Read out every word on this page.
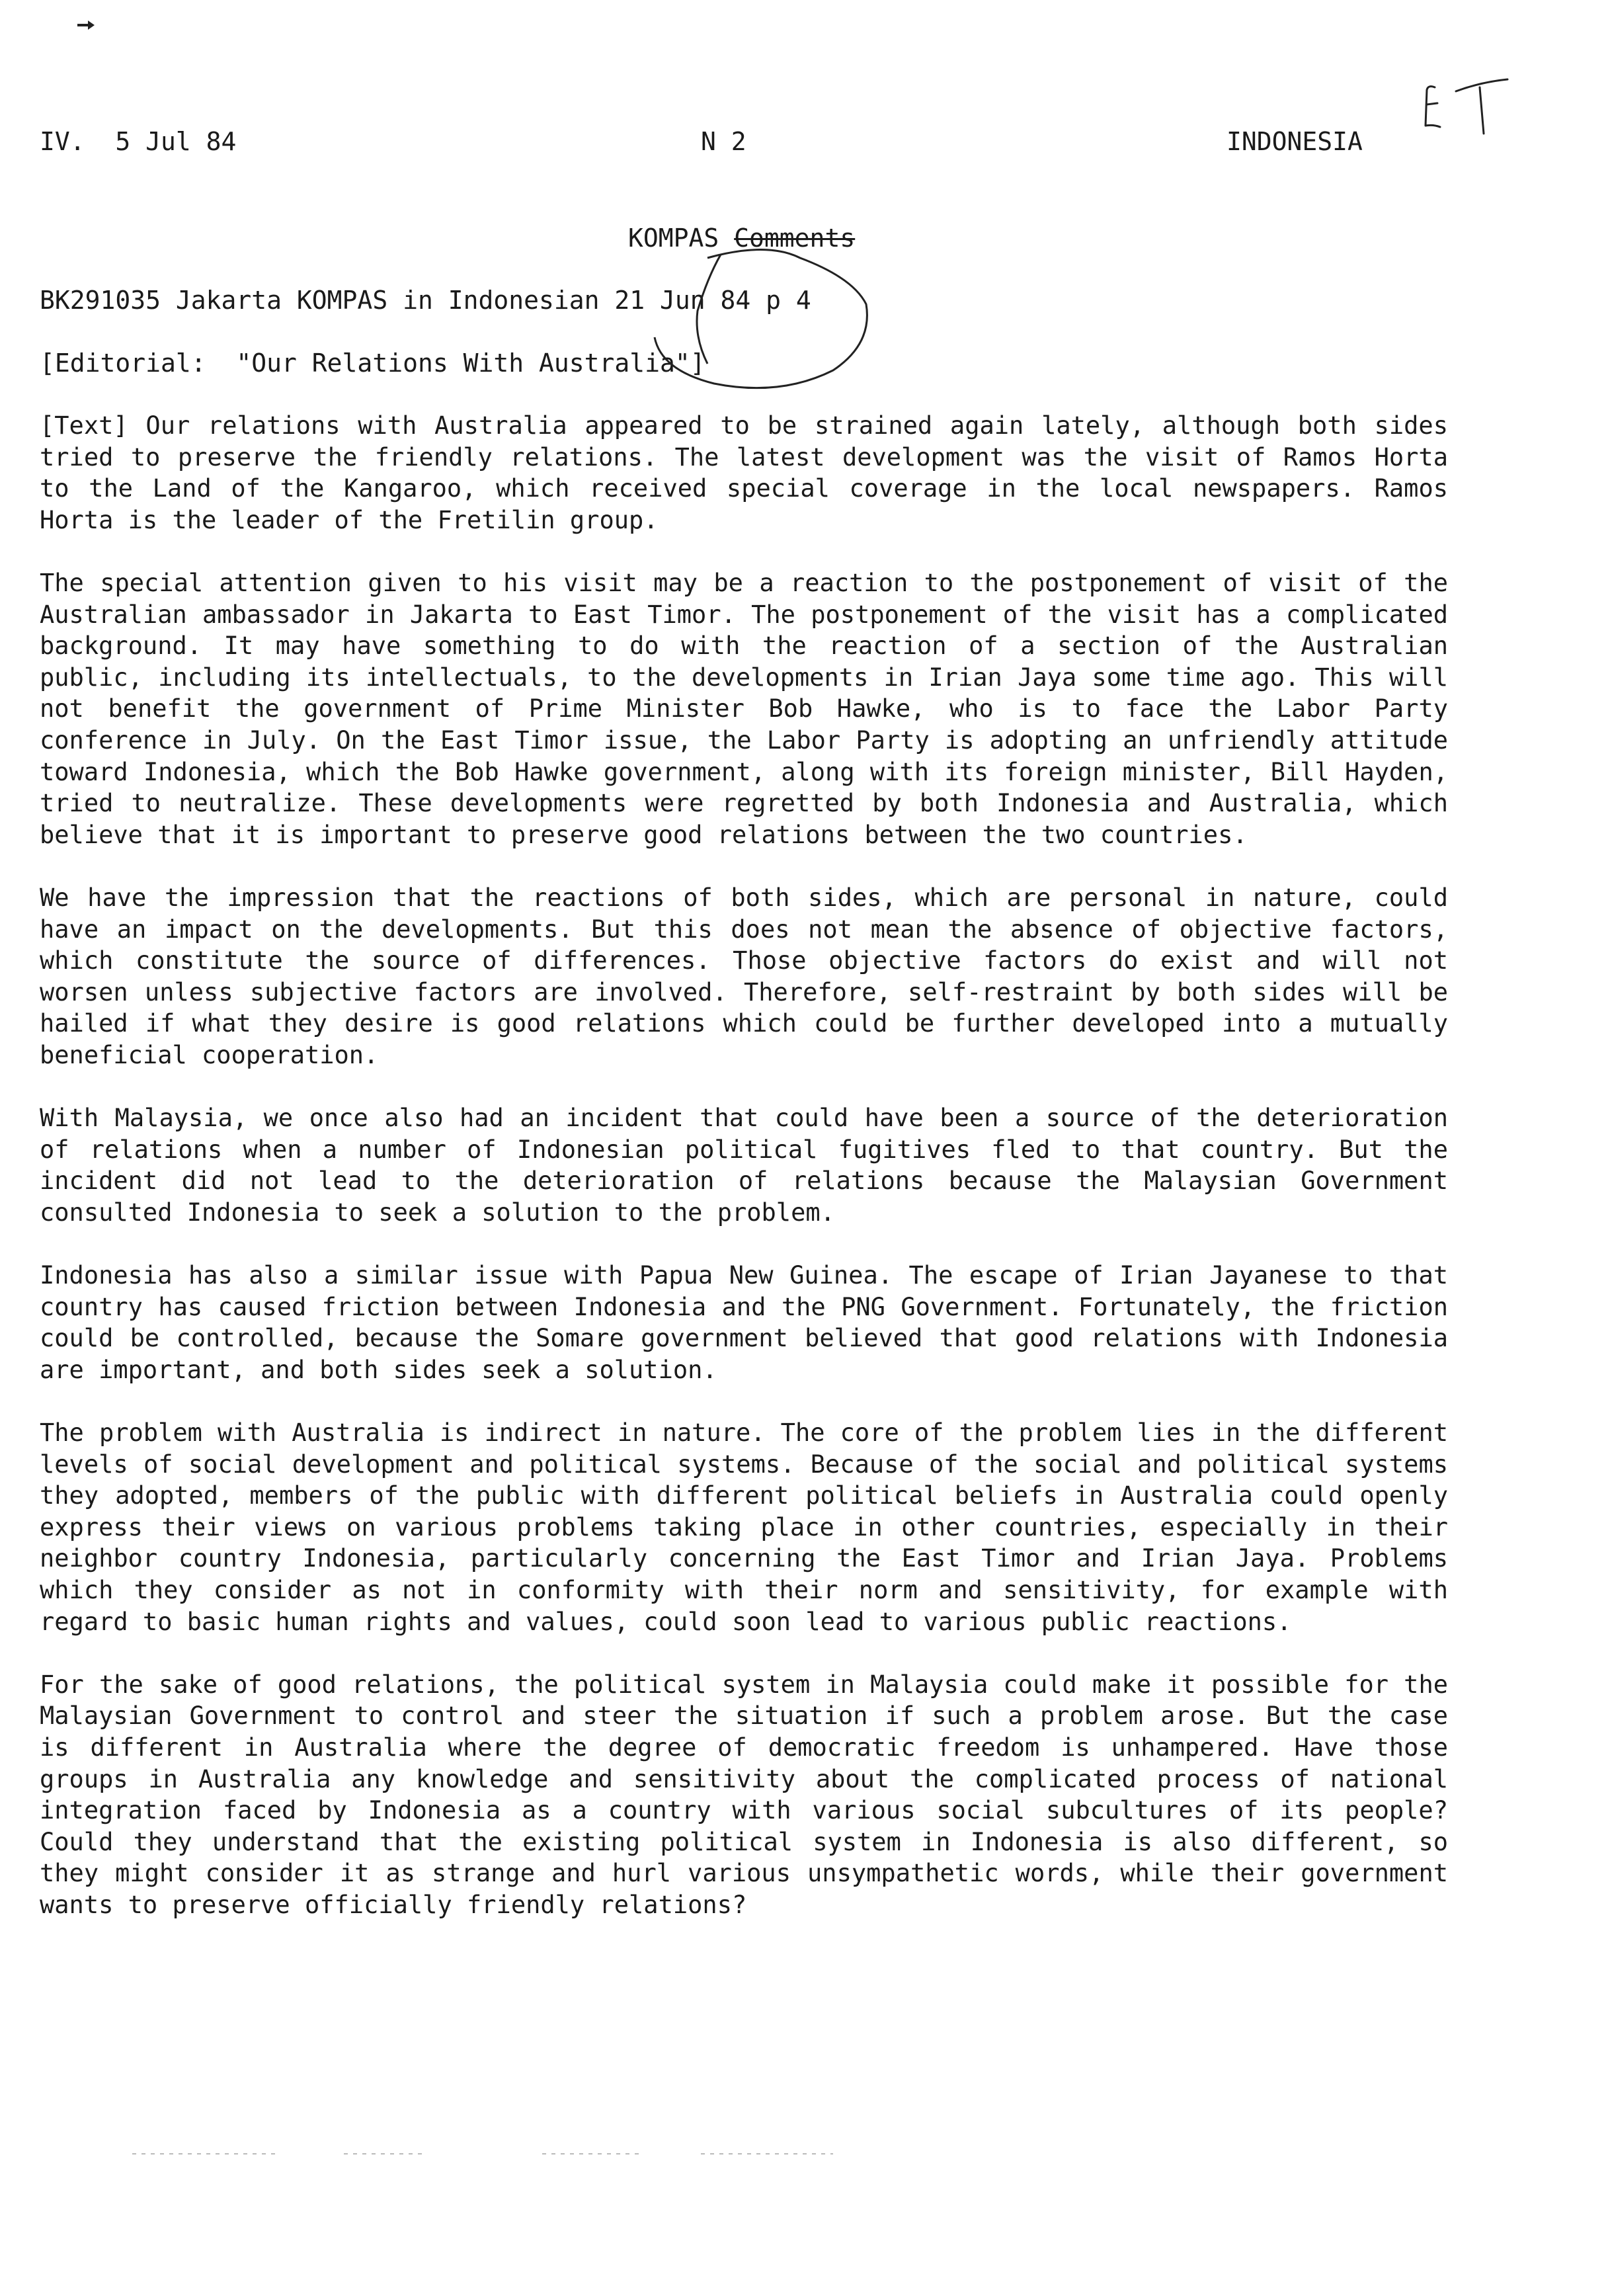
IV.  5 Jul 84	N 2	INDONESIA
KOMPAS Comments
BK291035 Jakarta KOMPAS in Indonesian 21 Jun 84 p 4
[Editorial:  "Our Relations With Australia"]

[Text] Our relations with Australia appeared to be strained again lately, although both sides tried to preserve the friendly relations. The latest development was the visit of Ramos Horta to the Land of the Kangaroo, which received special coverage in the local newspapers. Ramos Horta is the leader of the Fretilin group.

The special attention given to his visit may be a reaction to the postponement of visit of the Australian ambassador in Jakarta to East Timor. The postponement of the visit has a complicated background. It may have something to do with the reaction of a section of the Australian public, including its intellectuals, to the developments in Irian Jaya some time ago. This will not benefit the government of Prime Minister Bob Hawke, who is to face the Labor Party conference in July. On the East Timor issue, the Labor Party is adopting an unfriendly attitude toward Indonesia, which the Bob Hawke government, along with its foreign minister, Bill Hayden, tried to neutralize. These developments were regretted by both Indonesia and Australia, which believe that it is important to preserve good relations between the two countries.

We have the impression that the reactions of both sides, which are personal in nature, could have an impact on the developments. But this does not mean the absence of objective factors, which constitute the source of differences. Those objective factors do exist and will not worsen unless subjective factors are involved. Therefore, self-restraint by both sides will be hailed if what they desire is good relations which could be further developed into a mutually beneficial cooperation.

With Malaysia, we once also had an incident that could have been a source of the deterioration of relations when a number of Indonesian political fugitives fled to that country. But the incident did not lead to the deterioration of relations because the Malaysian Government consulted Indonesia to seek a solution to the problem.

Indonesia has also a similar issue with Papua New Guinea. The escape of Irian Jayanese to that country has caused friction between Indonesia and the PNG Government. Fortunately, the friction could be controlled, because the Somare government believed that good relations with Indonesia are important, and both sides seek a solution.

The problem with Australia is indirect in nature. The core of the problem lies in the different levels of social development and political systems. Because of the social and political systems they adopted, members of the public with different political beliefs in Australia could openly express their views on various problems taking place in other countries, especially in their neighbor country Indonesia, particularly concerning the East Timor and Irian Jaya. Problems which they consider as not in conformity with their norm and sensitivity, for example with regard to basic human rights and values, could soon lead to various public reactions.

For the sake of good relations, the political system in Malaysia could make it possible for the Malaysian Government to control and steer the situation if such a problem arose. But the case is different in Australia where the degree of democratic freedom is unhampered. Have those groups in Australia any knowledge and sensitivity about the complicated process of national integration faced by Indonesia as a country with various social subcultures of its people? Could they understand that the existing political system in Indonesia is also different, so they might consider it as strange and hurl various unsympathetic words, while their government wants to preserve officially friendly relations?
